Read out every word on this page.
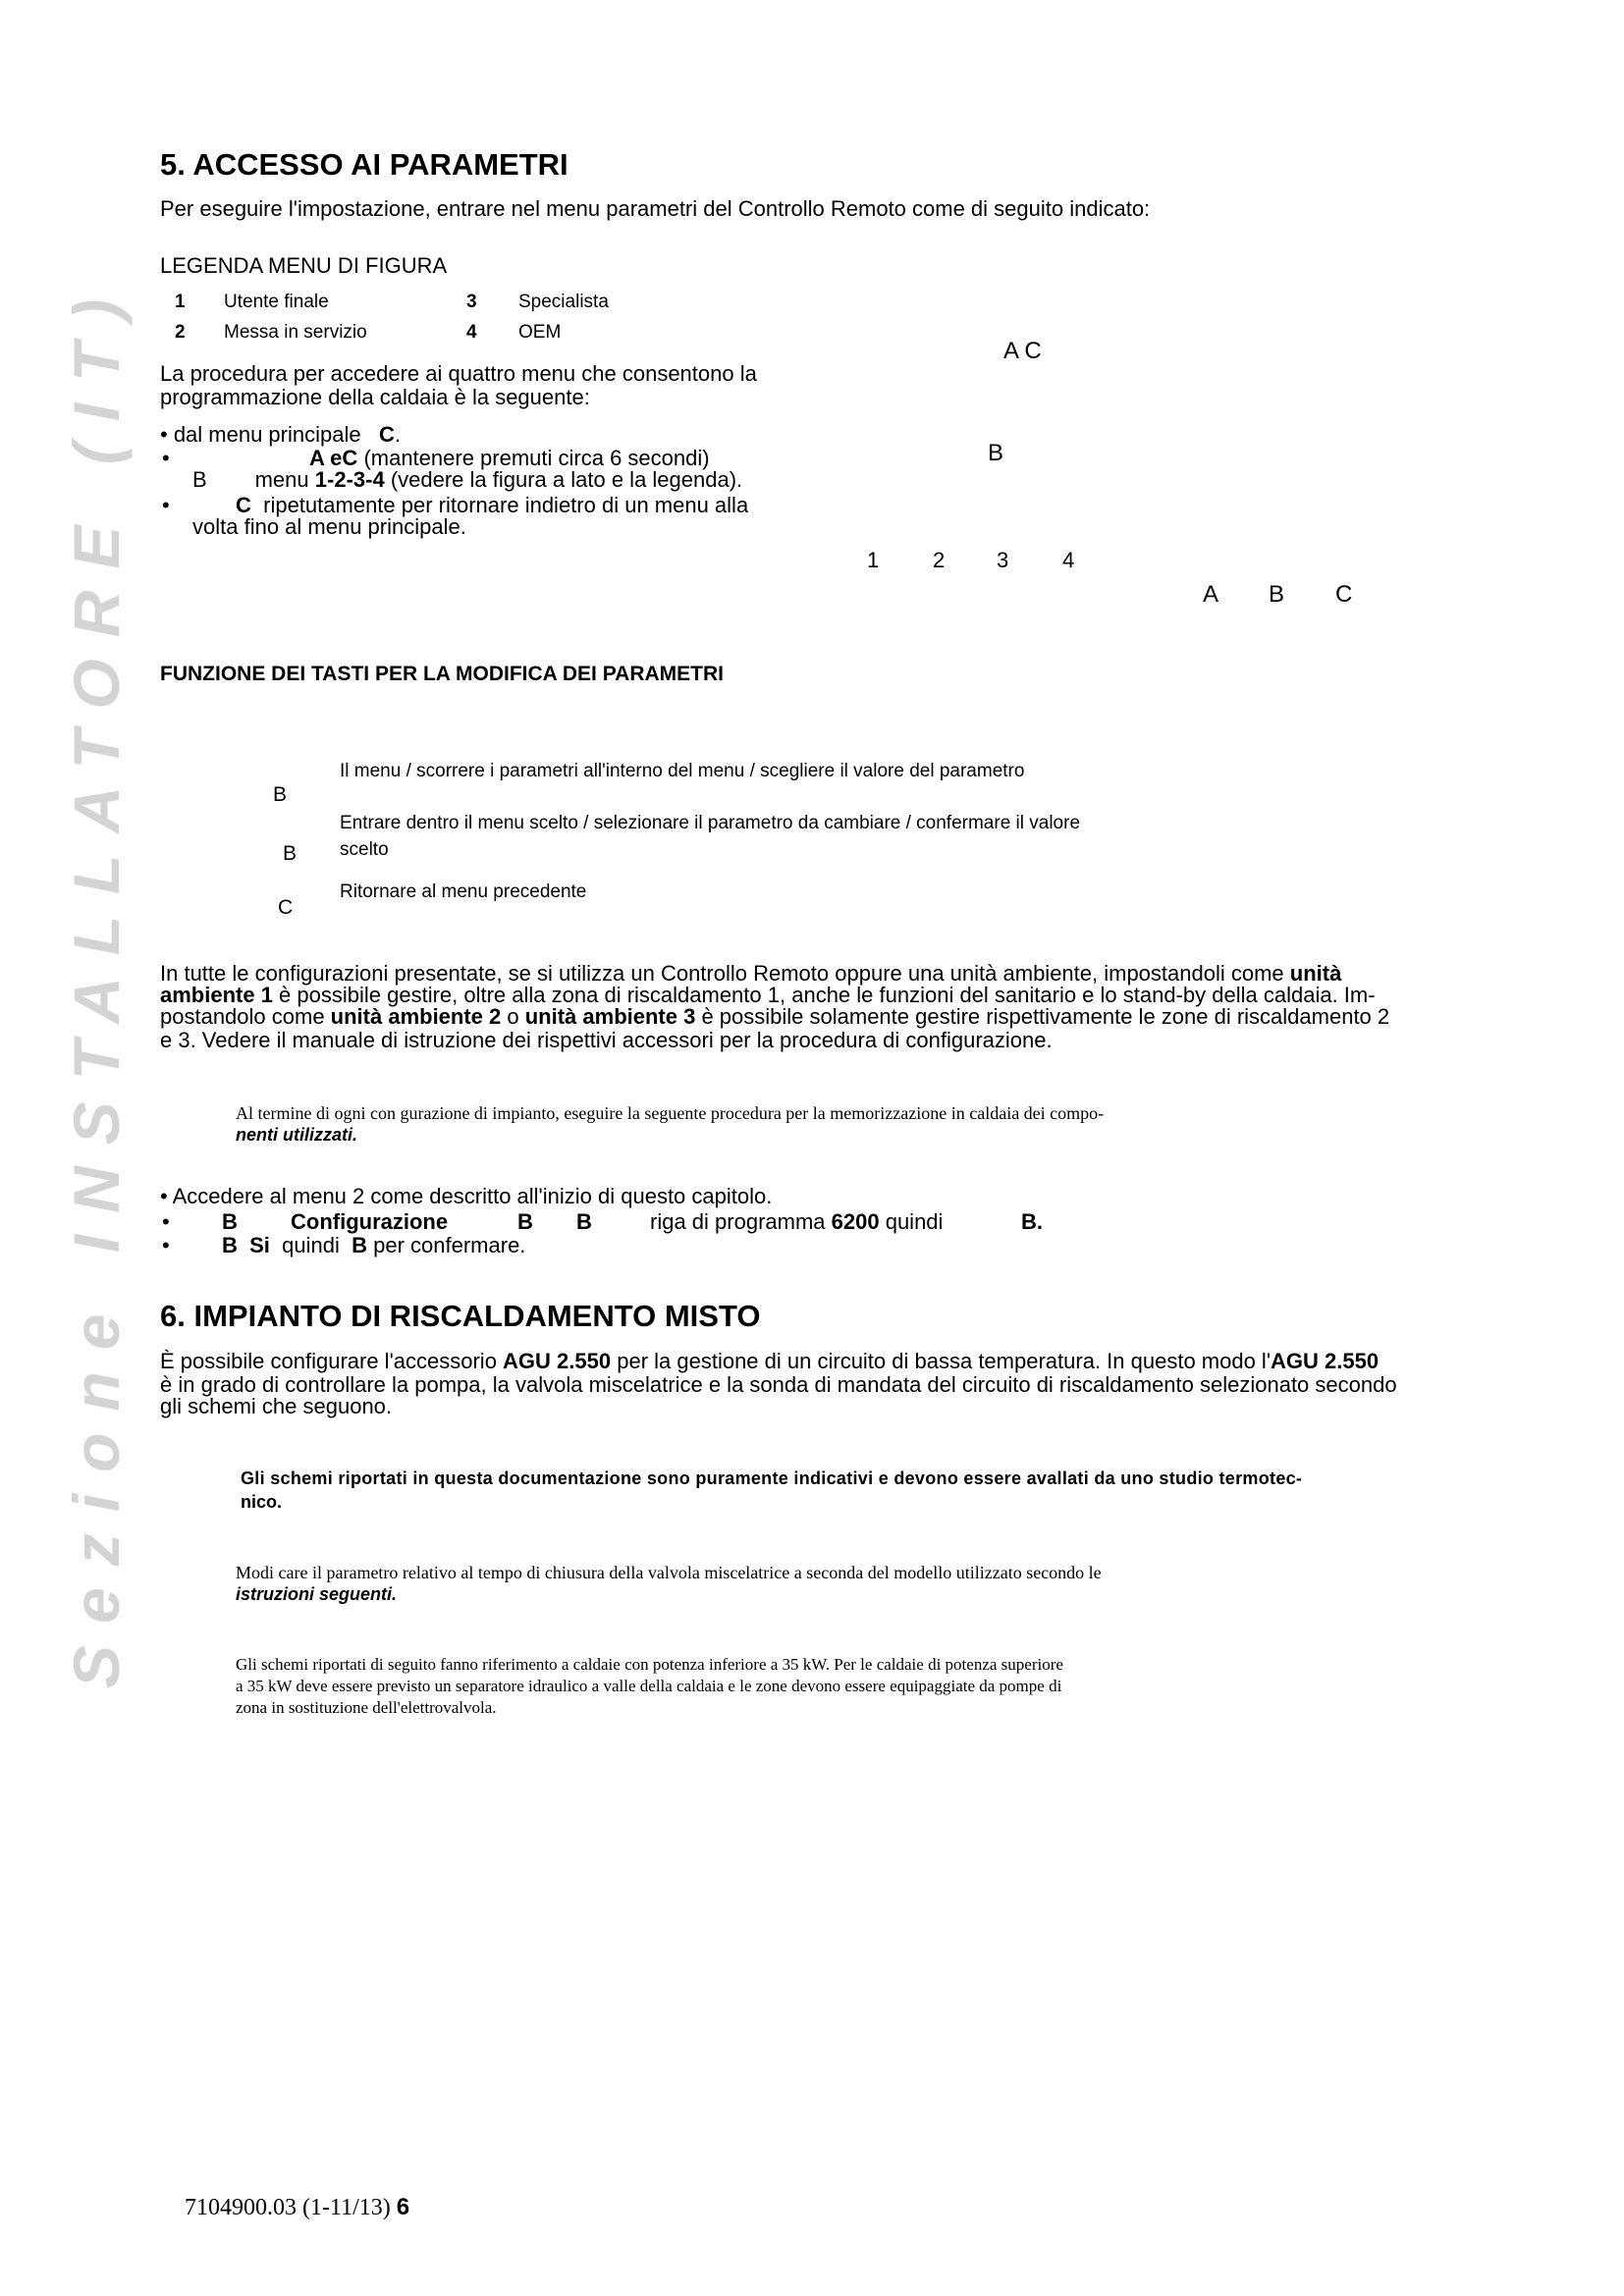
Sezione INSTALLATORE (IT)
5. ACCESSO AI PARAMETRI
Per eseguire l'impostazione, entrare nel menu parametri del Controllo Remoto come di seguito indicato:
LEGENDA MENU DI FIGURA
1 Utente finale
2 Messa in servizio
3 Specialista
4 OEM
La procedura per accedere ai quattro menu che consentono la
programmazione della caldaia è la seguente:
• dal menu principale C.
•	A eC (mantenere premuti circa 6 secondi)
B menu 1-2-3-4 (vedere la figura a lato e la legenda).
•	C ripetutamente per ritornare indietro di un menu alla
volta fino al menu principale.
A C
B
1 2 3 4
A B C
FUNZIONE DEI TASTI PER LA MODIFICA DEI PARAMETRI
B
Il menu / scorrere i parametri all'interno del menu / scegliere il valore del parametro
B
Entrare dentro il menu scelto / selezionare il parametro da cambiare / confermare il valore
scelto
C
Ritornare al menu precedente
In tutte le configurazioni presentate, se si utilizza un Controllo Remoto oppure una unità ambiente, impostandoli come unità
ambiente 1 è possibile gestire, oltre alla zona di riscaldamento 1, anche le funzioni del sanitario e lo stand-by della caldaia. Im-
postandolo come unità ambiente 2 o unità ambiente 3 è possibile solamente gestire rispettivamente le zone di riscaldamento 2
e 3. Vedere il manuale di istruzione dei rispettivi accessori per la procedura di configurazione.
Al termine di ogni con gurazione di impianto, eseguire la seguente procedura per la memorizzazione in caldaia dei compo-
nenti utilizzati.
• Accedere al menu 2 come descritto all'inizio di questo capitolo.
• B Configurazione	B B	riga di programma 6200 quindi	B.
• B Si quindi B per confermare.
6. IMPIANTO DI RISCALDAMENTO MISTO
È possibile configurare l'accessorio AGU 2.550 per la gestione di un circuito di bassa temperatura. In questo modo l'AGU 2.550
è in grado di controllare la pompa, la valvola miscelatrice e la sonda di mandata del circuito di riscaldamento selezionato secondo
gli schemi che seguono.
Gli schemi riportati in questa documentazione sono puramente indicativi e devono essere avallati da uno studio termotec-
nico.
Modi care il parametro relativo al tempo di chiusura della valvola miscelatrice a seconda del modello utilizzato secondo le
istruzioni seguenti.
Gli schemi riportati di seguito fanno riferimento a caldaie con potenza inferiore a 35 kW. Per le caldaie di potenza superiore
a 35 kW deve essere previsto un separatore idraulico a valle della caldaia e le zone devono essere equipaggiate da pompe di
zona in sostituzione dell'elettrovalvola.
7104900.03 (1-11/13) 6
